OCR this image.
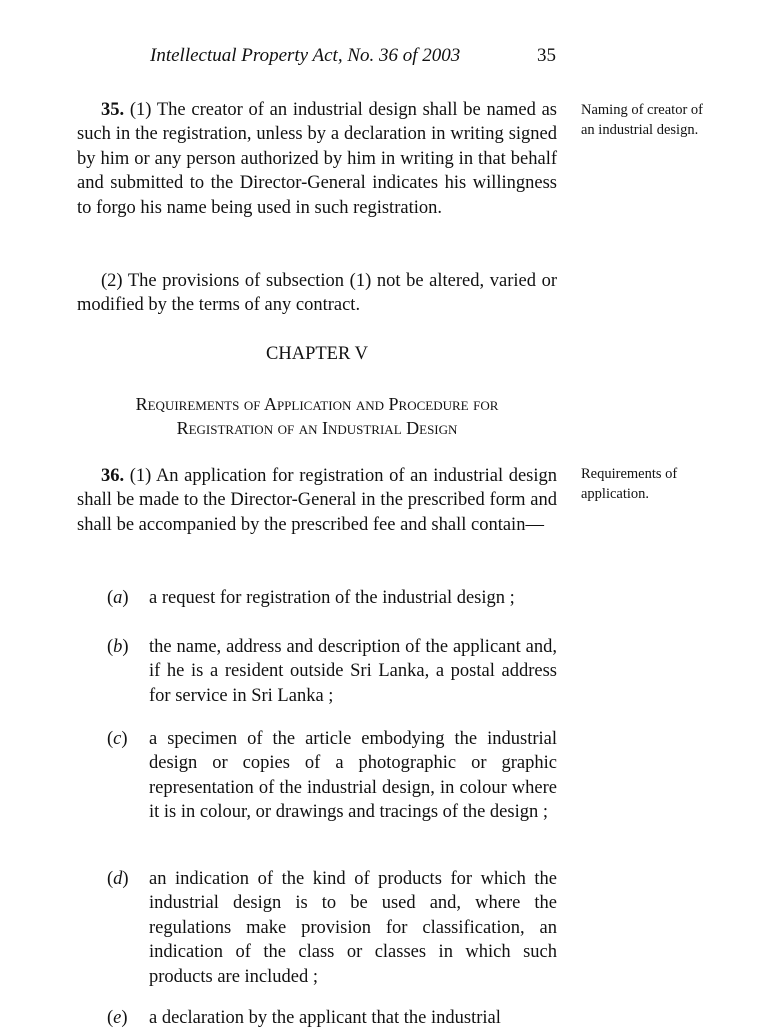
Intellectual Property Act, No. 36 of 2003	35
35. (1) The creator of an industrial design shall be named as such in the registration, unless by a declaration in writing signed by him or any person authorized by him in writing in that behalf and submitted to the Director-General indicates his willingness to forgo his name being used in such registration.
Naming of creator of an industrial design.
(2) The provisions of subsection (1) not be altered, varied or modified by the terms of any contract.
CHAPTER V
Requirements of Application and Procedure for
Registration of an Industrial Design
36. (1) An application for registration of an industrial design shall be made to the Director-General in the prescribed form and shall be accompanied by the prescribed fee and shall contain—
Requirements of application.
(a) a request for registration of the industrial design ;
(b) the name, address and description of the applicant and, if he is a resident outside Sri Lanka, a postal address for service in Sri Lanka ;
(c) a specimen of the article embodying the industrial design or copies of a photographic or graphic representation of the industrial design, in colour where it is in colour, or drawings and tracings of the design ;
(d) an indication of the kind of products for which the industrial design is to be used and, where the regulations make provision for classification, an indication of the class or classes in which such products are included ;
(e) a declaration by the applicant that the industrial
